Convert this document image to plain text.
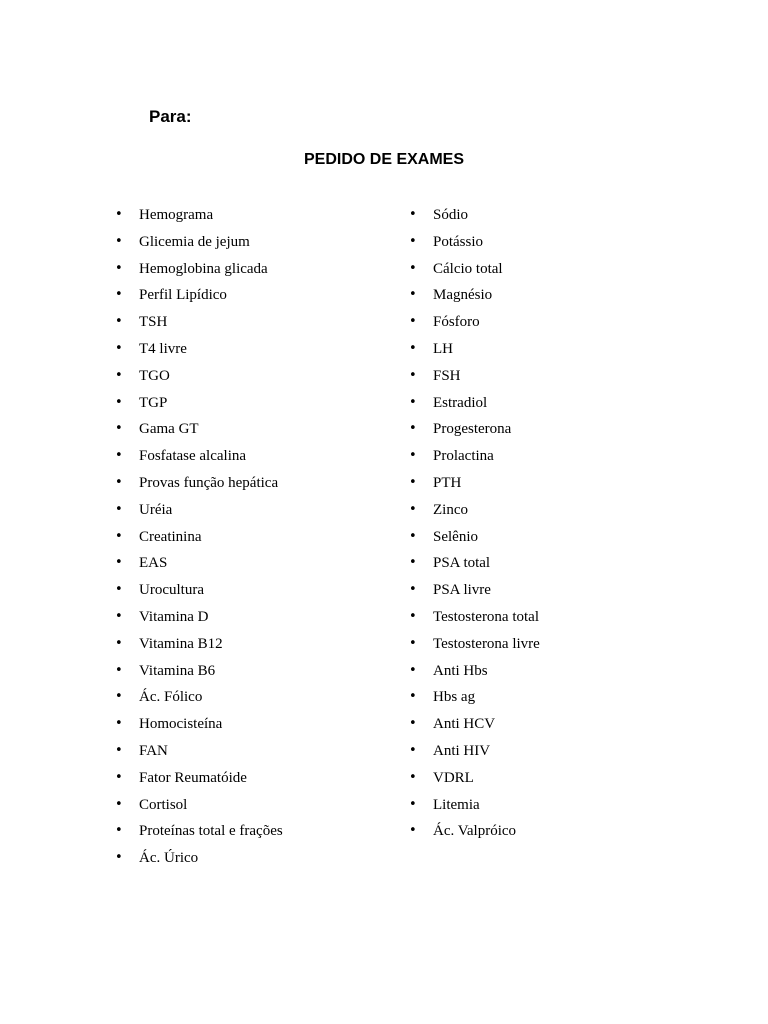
Para:

PEDIDO DE EXAMES
• Hemograma
• Glicemia de jejum
• Hemoglobina glicada
• Perfil Lipídico
• TSH
• T4 livre
• TGO
• TGP
• Gama GT
• Fosfatase alcalina
• Provas função hepática
• Uréia
• Creatinina
• EAS
• Urocultura
• Vitamina D
• Vitamina B12
• Vitamina B6
• Ác. Fólico
• Homocisteína
• FAN
• Fator Reumatóide
• Cortisol
• Proteínas total e frações
• Ác. Úrico
• Sódio
• Potássio
• Cálcio total
• Magnésio
• Fósforo
• LH
• FSH
• Estradiol
• Progesterona
• Prolactina
• PTH
• Zinco
• Selênio
• PSA total
• PSA livre
• Testosterona total
• Testosterona livre
• Anti Hbs
• Hbs ag
• Anti HCV
• Anti HIV
• VDRL
• Litemia
• Ác. Valpróico
